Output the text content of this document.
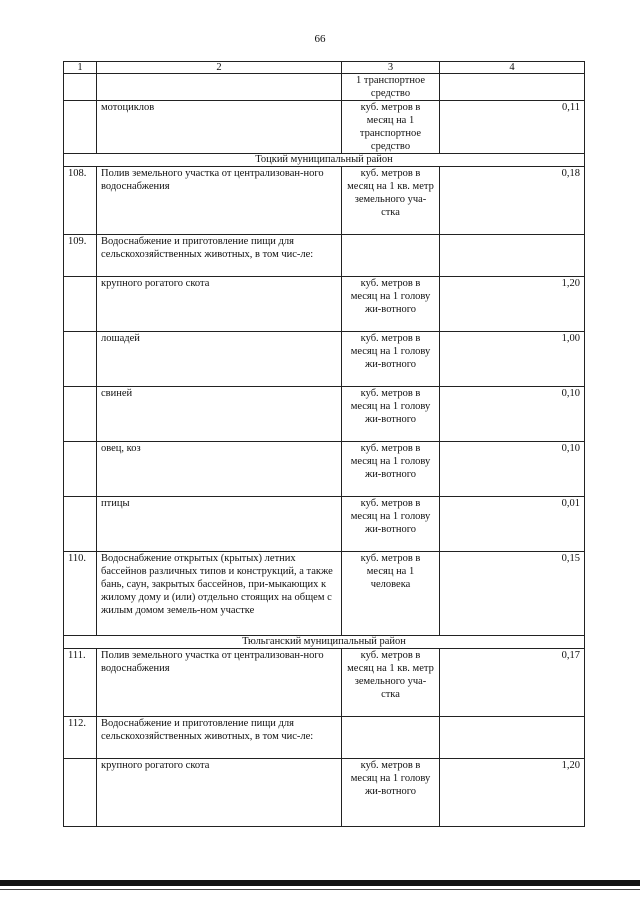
66
1	2	3	4
		1 транспортное средство	
	мотоциклов	куб. метров в месяц на 1 транспортное средство	0,11
Тоцкий муниципальный район			
108.	Полив земельного участка от централизован-ного водоснабжения	куб. метров в месяц на 1 кв. метр земельного уча-стка	0,18
109.	Водоснабжение и приготовление пищи для сельскохозяйственных животных, в том чис-ле:		
	крупного рогатого скота	куб. метров в месяц на 1 голову жи-вотного	1,20
	лошадей	куб. метров в месяц на 1 голову жи-вотного	1,00
	свиней	куб. метров в месяц на 1 голову жи-вотного	0,10
	овец, коз	куб. метров в месяц на 1 голову жи-вотного	0,10
	птицы	куб. метров в месяц на 1 голову жи-вотного	0,01
110.	Водоснабжение открытых (крытых) летних бассейнов различных типов и конструкций, а также бань, саун, закрытых бассейнов, при-мыкающих к жилому дому и (или) отдельно стоящих на общем с жилым домом земель-ном участке	куб. метров в месяц на 1 человека	0,15
Тюльганский муниципальный район			
111.	Полив земельного участка от централизован-ного водоснабжения	куб. метров в месяц на 1 кв. метр земельного уча-стка	0,17
112.	Водоснабжение и приготовление пищи для сельскохозяйственных животных, в том чис-ле:		
	крупного рогатого скота	куб. метров в месяц на 1 голову жи-вотного	1,20
